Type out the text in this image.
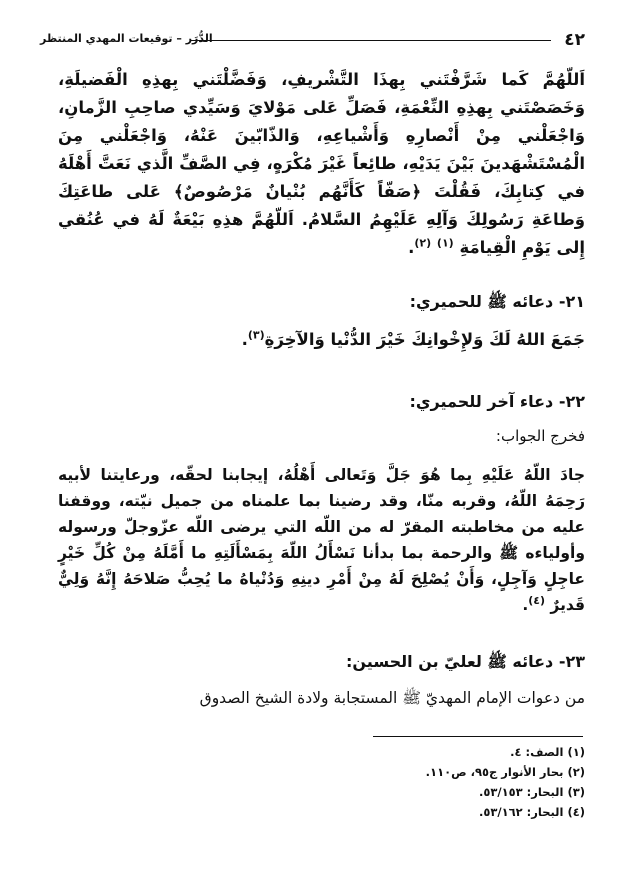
٤٢
الدُّرَر – توقيعات المهدي المنتظر

اَللّهُمَّ كَما شَرَّفْتَني بِهذَا التَّشْريفِ، وَفَضَّلْتَني بِهذِهِ الْفَضيلَةِ، وَخَصَصْتَني بِهذِهِ النِّعْمَةِ، فَصَلِّ عَلى مَوْلايَ وَسَيِّدي صاحِبِ الزَّمانِ، وَاجْعَلْني مِنْ أَنْصارِهِ وَأَشْياعِهِ، وَالذّابّينَ عَنْهُ، وَاجْعَلْني مِنَ الْمُسْتَشْهَدينَ بَيْنَ يَدَيْهِ، طائِعاً غَيْرَ مُكْرَهٍ، فِي الصَّفِّ الَّذي نَعَتَّ أَهْلَهُ في كِتابِكَ، فَقُلْتَ ﴿صَفّاً كَأَنَّهُم بُنْيانٌ مَرْصُوصٌ﴾ عَلى طاعَتِكَ وَطاعَةِ رَسُولِكَ وَآلِهِ عَلَيْهِمُ السَّلامُ. اَللّهُمَّ هذِهِ بَيْعَةٌ لَهُ في عُنُقي إِلى يَوْمِ الْقِيامَةِ $^{(١)}$ $^{(٢)}$.

٢١- دعائه ﷺ للحميري:

جَمَعَ اللهُ لَكَ وَلإِخْوانِكَ خَيْرَ الدُّنْيا وَالآخِرَةِ$^{(٣)}$.

٢٢- دعاء آخر للحميري:
فخرج الجواب:

جادَ اللّهُ عَلَيْهِ بِما هُوَ جَلَّ وَتَعالى أَهْلُهُ، إيجابنا لحقّه، ورعايتنا لأبيه رَحِمَهُ اللّهُ، وقربه منّا، وقد رضينا بما علمناه من جميل نيّته، ووقفنا عليه من مخاطبته المقرّ له من اللّه التي يرضى اللّه عزّوجلّ ورسوله وأولياءه ﷺ والرحمة بما بدأنا نَسْأَلُ اللّهَ بِمَسْأَلَتِهِ ما أَمَّلَهُ مِنْ كُلِّ خَيْرٍ عاجِلٍ وَآجِلٍ، وَأَنْ يُصْلِحَ لَهُ مِنْ أَمْرِ دينِهِ وَدُنْياهُ ما يُحِبُّ صَلاحَهُ إِنَّهُ وَلِيٌّ قَديرٌ $^{(٤)}$.

٢٣- دعائه ﷺ لعليّ بن الحسين:
من دعوات الإمام المهديّ ﷺ المستجابة ولادة الشيخ الصدوق
(١) الصف: ٤.
(٢) بحار الأنوار ج٩٥، ص١١٠.
(٣) البحار: ٥٣/١٥٣.
(٤) البحار: ٥٣/١٦٢.
